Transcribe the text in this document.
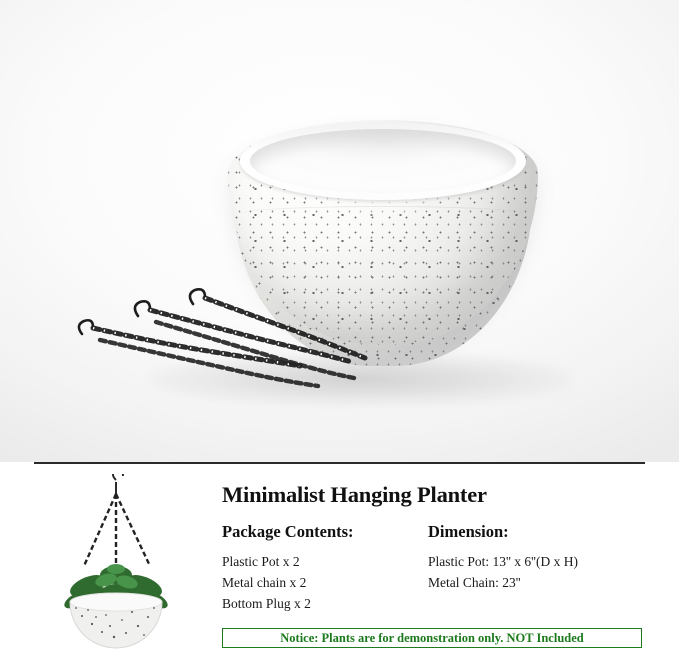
Minimalist Hanging Planter
Package Contents:
Plastic Pot x 2
Metal chain x 2
Bottom Plug x 2
Dimension:
Plastic Pot: 13'' x 6''(D x H)
Metal Chain: 23''
Notice: Plants are for demonstration only. NOT Included
